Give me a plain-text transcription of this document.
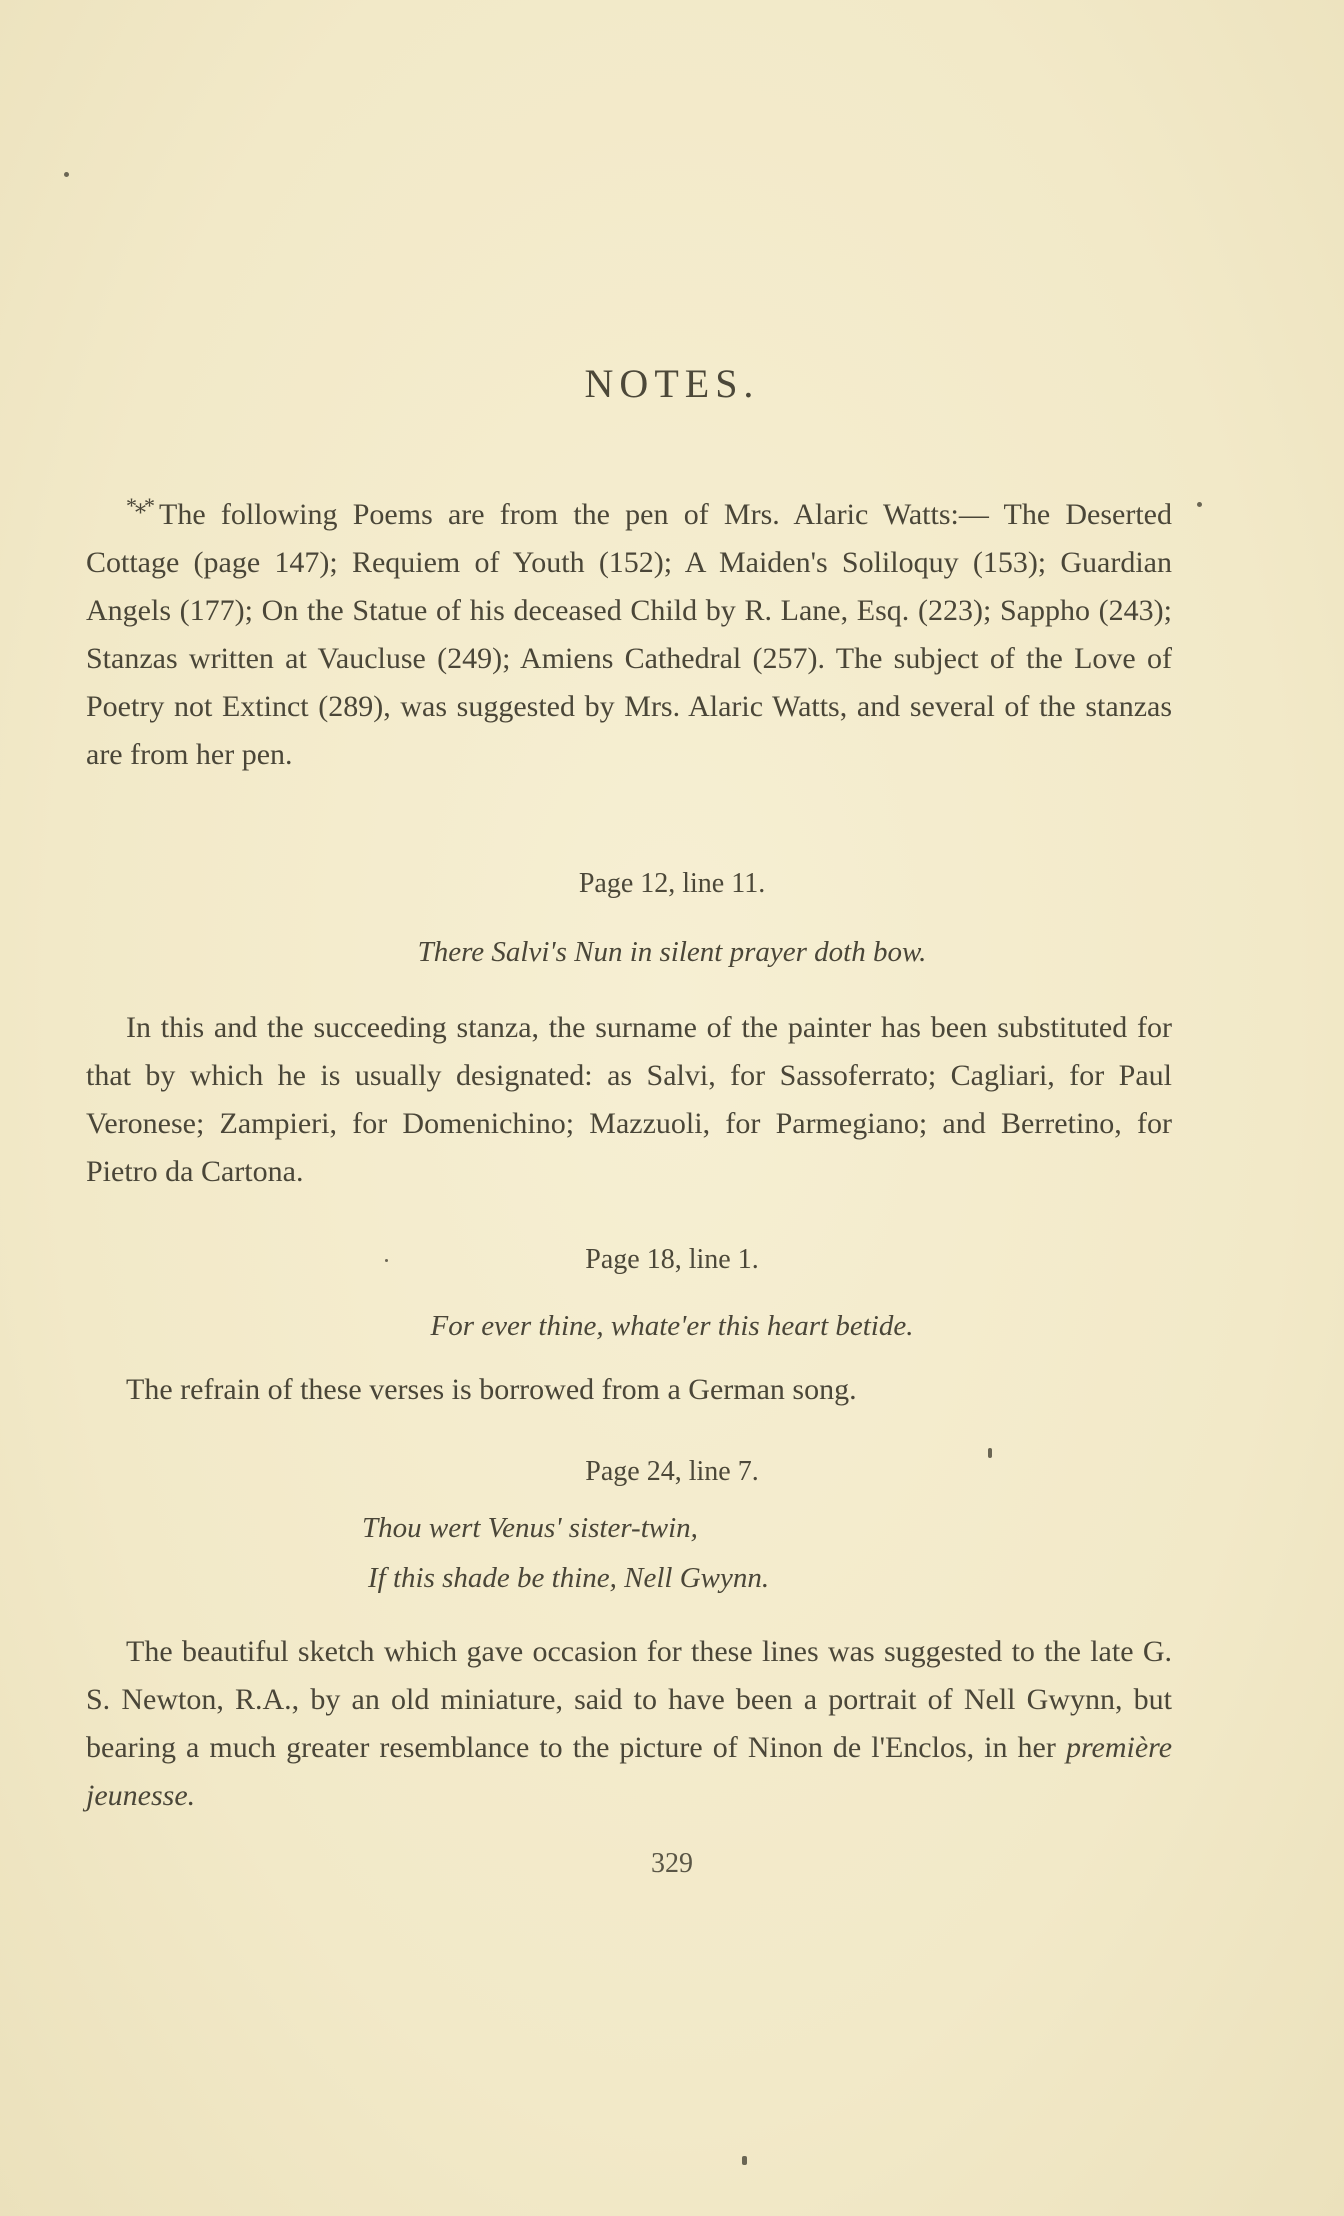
NOTES.
*⁎* The following Poems are from the pen of Mrs. Alaric Watts:— The Deserted Cottage (page 147); Requiem of Youth (152); A Maiden's Soliloquy (153); Guardian Angels (177); On the Statue of his deceased Child by R. Lane, Esq. (223); Sappho (243); Stanzas written at Vaucluse (249); Amiens Cathedral (257). The subject of the Love of Poetry not Extinct (289), was suggested by Mrs. Alaric Watts, and several of the stanzas are from her pen.
Page 12, line 11.
There Salvi's Nun in silent prayer doth bow.
In this and the succeeding stanza, the surname of the painter has been substituted for that by which he is usually designated: as Salvi, for Sassoferrato; Cagliari, for Paul Veronese; Zampieri, for Domenichino; Mazzuoli, for Parmegiano; and Berretino, for Pietro da Cartona.
Page 18, line 1.
For ever thine, whate'er this heart betide.
The refrain of these verses is borrowed from a German song.
Page 24, line 7.
Thou wert Venus' sister-twin,
If this shade be thine, Nell Gwynn.
The beautiful sketch which gave occasion for these lines was suggested to the late G. S. Newton, R.A., by an old miniature, said to have been a portrait of Nell Gwynn, but bearing a much greater resemblance to the picture of Ninon de l'Enclos, in her première jeunesse.
329
